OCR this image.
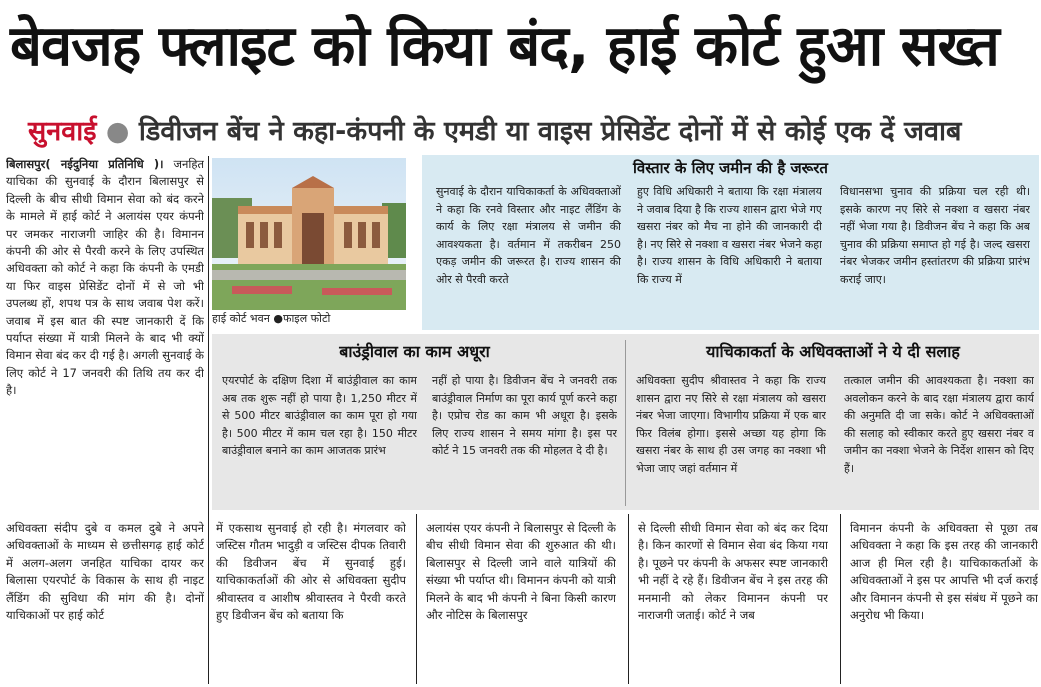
बेवजह फ्लाइट को किया बंद, हाई कोर्ट हुआ सख्त
सुनवाई ● डिवीजन बेंच ने कहा-कंपनी के एमडी या वाइस प्रेसिडेंट दोनों में से कोई एक दें जवाब
बिलासपुर( नईदुनिया प्रतिनिधि )। जनहित याचिका की सुनवाई के दौरान बिलासपुर से दिल्ली के बीच सीधी विमान सेवा को बंद करने के मामले में हाई कोर्ट ने अलायंस एयर कंपनी पर जमकर नाराजगी जाहिर की है। विमानन कंपनी की ओर से पैरवी करने के लिए उपस्थित अधिवक्ता को कोर्ट ने कहा कि कंपनी के एमडी या फिर वाइस प्रेसिडेंट दोनों में से जो भी उपलब्ध हों, शपथ पत्र के साथ जवाब पेश करें। जवाब में इस बात की स्पष्ट जानकारी दें कि पर्याप्त संख्या में यात्री मिलने के बाद भी क्यों विमान सेवा बंद कर दी गई है। अगली सुनवाई के लिए कोर्ट ने 17 जनवरी की तिथि तय कर दी है।
हाई कोर्ट भवन ●फाइल फोटो
विस्तार के लिए जमीन की है जरूरत
सुनवाई के दौरान याचिकाकर्ता के अधिवक्ताओं ने कहा कि रनवे विस्तार और नाइट लैंडिंग के कार्य के लिए रक्षा मंत्रालय से जमीन की आवश्यकता है। वर्तमान में तकरीबन 250 एकड़ जमीन की जरूरत है। राज्य शासन की ओर से पैरवी करते
हुए विधि अधिकारी ने बताया कि रक्षा मंत्रालय ने जवाब दिया है कि राज्य शासन द्वारा भेजे गए खसरा नंबर को मैच ना होने की जानकारी दी है। नए सिरे से नक्शा व खसरा नंबर भेजने कहा है। राज्य शासन के विधि अधिकारी ने बताया कि राज्य में
विधानसभा चुनाव की प्रक्रिया चल रही थी। इसके कारण नए सिरे से नक्शा व खसरा नंबर नहीं भेजा गया है। डिवीजन बेंच ने कहा कि अब चुनाव की प्रक्रिया समाप्त हो गई है। जल्द खसरा नंबर भेजकर जमीन हस्तांतरण की प्रक्रिया प्रारंभ कराई जाए।
बाउंड्रीवाल का काम अधूरा
एयरपोर्ट के दक्षिण दिशा में बाउंड्रीवाल का काम अब तक शुरू नहीं हो पाया है। 1,250 मीटर में से 500 मीटर बाउंड्रीवाल का काम पूरा हो गया है। 500 मीटर में काम चल रहा है। 150 मीटर बाउंड्रीवाल बनाने का काम आजतक प्रारंभ
नहीं हो पाया है। डिवीजन बेंच ने जनवरी तक बाउंड्रीवाल निर्माण का पूरा कार्य पूर्ण करने कहा है। एप्रोच रोड का काम भी अधूरा है। इसके लिए राज्य शासन ने समय मांगा है। इस पर कोर्ट ने 15 जनवरी तक की मोहलत दे दी है।
याचिकाकर्ता के अधिवक्ताओं ने ये दी सलाह
अधिवक्ता सुदीप श्रीवास्तव ने कहा कि राज्य शासन द्वारा नए सिरे से रक्षा मंत्रालय को खसरा नंबर भेजा जाएगा। विभागीय प्रक्रिया में एक बार फिर विलंब होगा। इससे अच्छा यह होगा कि खसरा नंबर के साथ ही उस जगह का नक्शा भी भेजा जाए जहां वर्तमान में
तत्काल जमीन की आवश्यकता है। नक्शा का अवलोकन करने के बाद रक्षा मंत्रालय द्वारा कार्य की अनुमति दी जा सके। कोर्ट ने अधिवक्ताओं की सलाह को स्वीकार करते हुए खसरा नंबर व जमीन का नक्शा भेजने के निर्देश शासन को दिए हैं।
अधिवक्ता संदीप दुबे व कमल दुबे ने अपने अधिवक्ताओं के माध्यम से छत्तीसगढ़ हाई कोर्ट में अलग-अलग जनहित याचिका दायर कर बिलासा एयरपोर्ट के विकास के साथ ही नाइट लैंडिंग की सुविधा की मांग की है। दोनों याचिकाओं पर हाई कोर्ट
में एकसाथ सुनवाई हो रही है। मंगलवार को जस्टिस गौतम भादुड़ी व जस्टिस दीपक तिवारी की डिवीजन बेंच में सुनवाई हुई। याचिकाकर्ताओं की ओर से अधिवक्ता सुदीप श्रीवास्तव व आशीष श्रीवास्तव ने पैरवी करते हुए डिवीजन बेंच को बताया कि
अलायंस एयर कंपनी ने बिलासपुर से दिल्ली के बीच सीधी विमान सेवा की शुरुआत की थी। बिलासपुर से दिल्ली जाने वाले यात्रियों की संख्या भी पर्याप्त थी। विमानन कंपनी को यात्री मिलने के बाद भी कंपनी ने बिना किसी कारण और नोटिस के बिलासपुर
से दिल्ली सीधी विमान सेवा को बंद कर दिया है। किन कारणों से विमान सेवा बंद किया गया है। पूछने पर कंपनी के अफसर स्पष्ट जानकारी भी नहीं दे रहे हैं। डिवीजन बेंच ने इस तरह की मनमानी को लेकर विमानन कंपनी पर नाराजगी जताई। कोर्ट ने जब
विमानन कंपनी के अधिवक्ता से पूछा तब अधिवक्ता ने कहा कि इस तरह की जानकारी आज ही मिल रही है। याचिकाकर्ताओं के अधिवक्ताओं ने इस पर आपत्ति भी दर्ज कराई और विमानन कंपनी से इस संबंध में पूछने का अनुरोध भी किया।
